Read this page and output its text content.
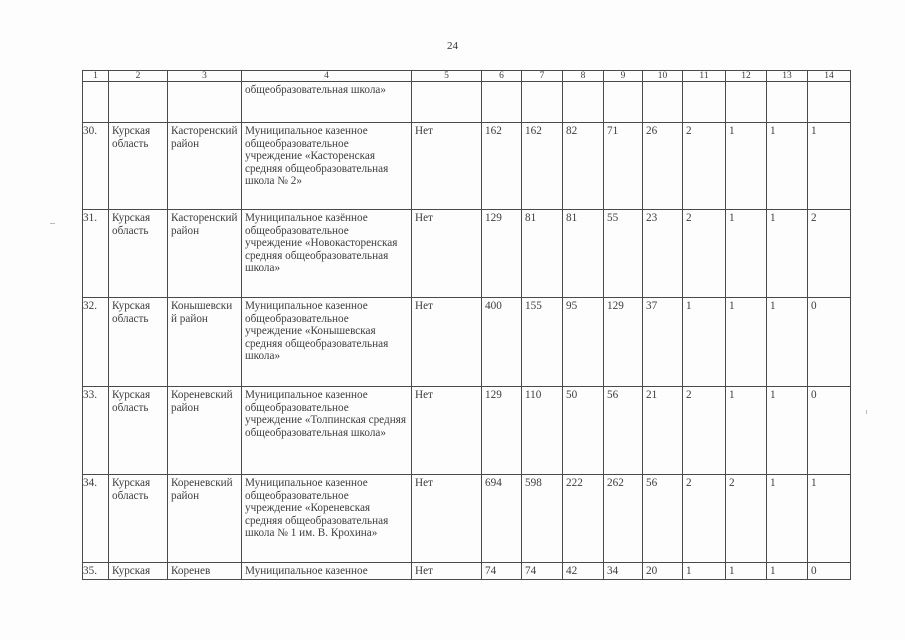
24
1	2	3	4	5	6	7	8	9	10	11	12	13	14
			общеобразовательная школа»										
30.	Курская область	Касторенский район	Муниципальное казенное общеобразовательное учреждение «Касторенская средняя общеобразовательная школа № 2»	Нет	162	162	82	71	26	2	1	1	1
31.	Курская область	Касторенский район	Муниципальное казённое общеобразовательное учреждение «Новокасторенская средняя общеобразовательная школа»	Нет	129	81	81	55	23	2	1	1	2
32.	Курская область	Конышевский район	Муниципальное казенное общеобразовательное учреждение «Конышевская средняя общеобразовательная школа»	Нет	400	155	95	129	37	1	1	1	0
33.	Курская область	Кореневский район	Муниципальное казенное общеобразовательное учреждение «Толпинская средняя общеобразовательная школа»	Нет	129	110	50	56	21	2	1	1	0
34.	Курская область	Кореневский район	Муниципальное казенное общеобразовательное учреждение «Кореневская средняя общеобразовательная школа № 1 им. В. Крохина»	Нет	694	598	222	262	56	2	2	1	1
35.	Курская	Коренев	Муниципальное казенное	Нет	74	74	42	34	20	1	1	1	0
